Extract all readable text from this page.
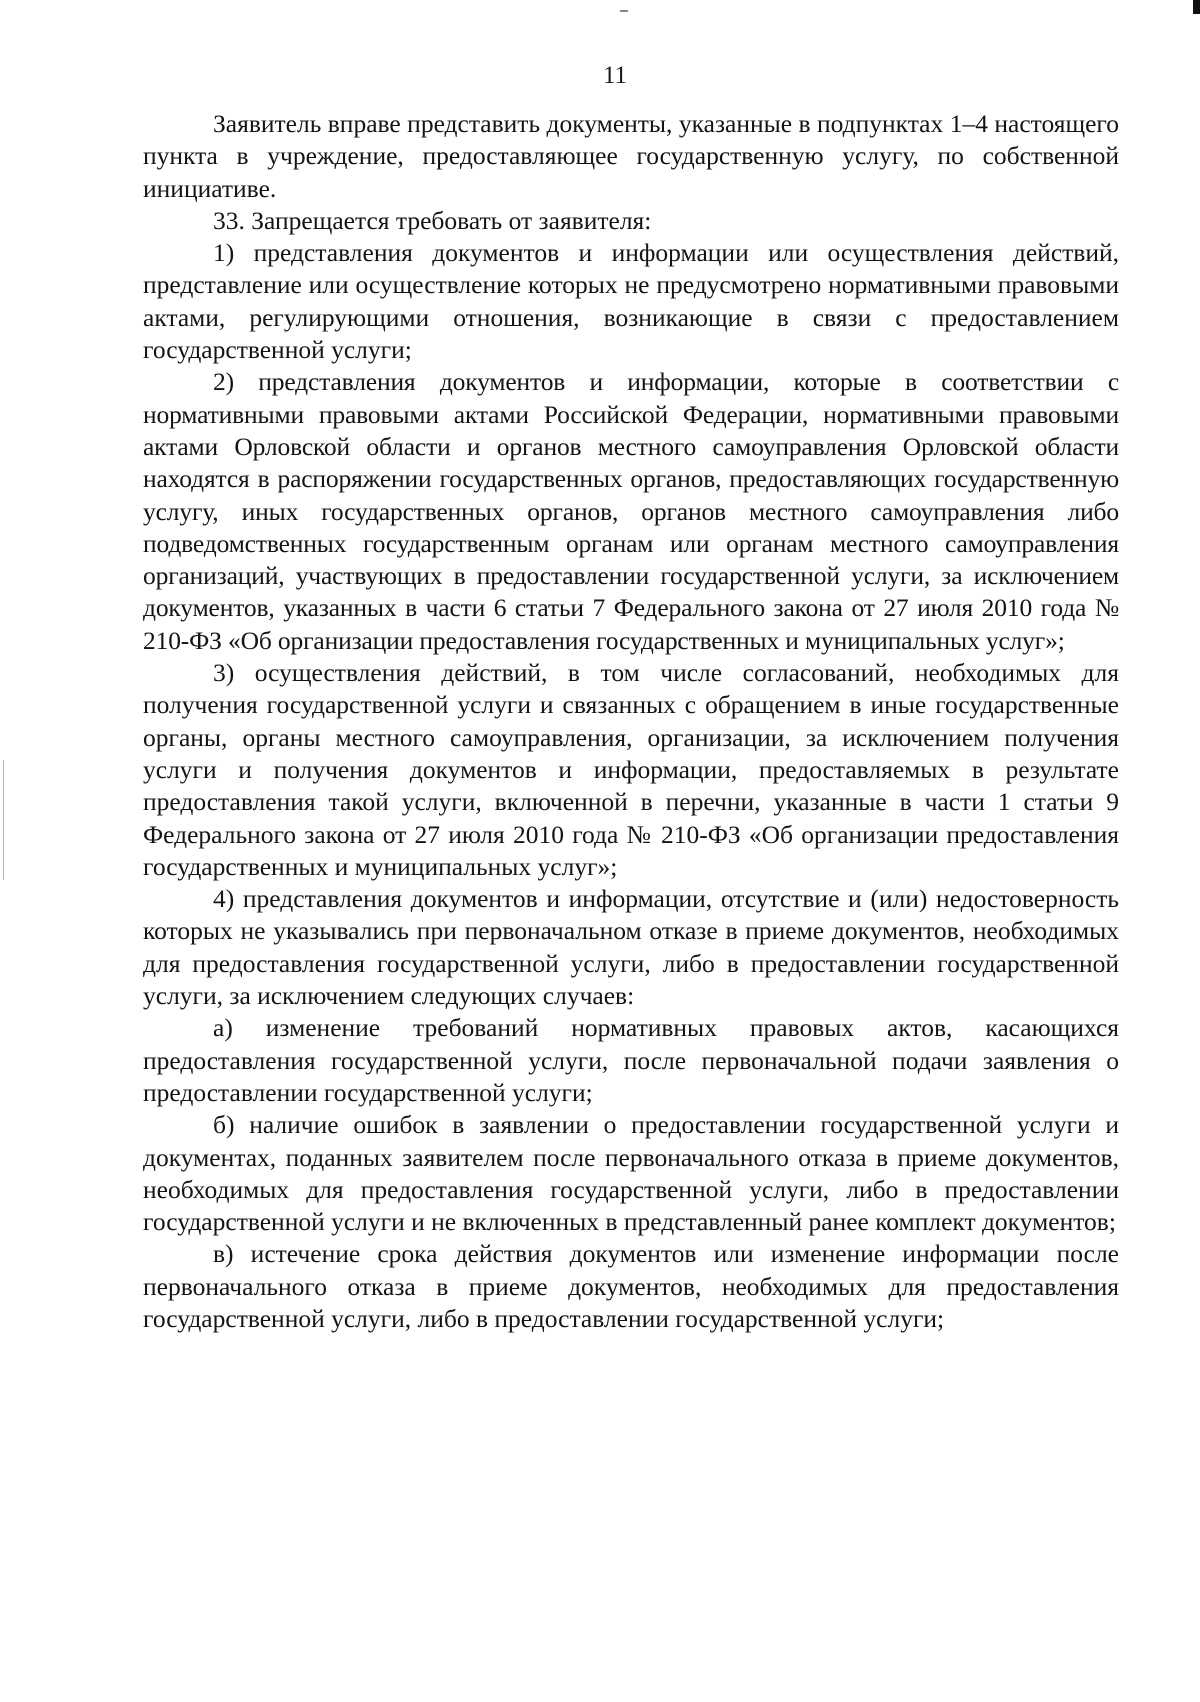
11

Заявитель вправе представить документы, указанные в подпунктах 1–4 настоящего пункта в учреждение, предоставляющее государственную услугу, по собственной инициативе.

33. Запрещается требовать от заявителя:

1) представления документов и информации или осуществления действий, представление или осуществление которых не предусмотрено нормативными правовыми актами, регулирующими отношения, возникающие в связи с предоставлением государственной услуги;

2) представления документов и информации, которые в соответствии с нормативными правовыми актами Российской Федерации, нормативными правовыми актами Орловской области и органов местного самоуправления Орловской области находятся в распоряжении государственных органов, предоставляющих государственную услугу, иных государственных органов, органов местного самоуправления либо подведомственных государственным органам или органам местного самоуправления организаций, участвующих в предоставлении государственной услуги, за исключением документов, указанных в части 6 статьи 7 Федерального закона от 27 июля 2010 года № 210-ФЗ «Об организации предоставления государственных и муниципальных услуг»;

3) осуществления действий, в том числе согласований, необходимых для получения государственной услуги и связанных с обращением в иные государственные органы, органы местного самоуправления, организации, за исключением получения услуги и получения документов и информации, предоставляемых в результате предоставления такой услуги, включенной в перечни, указанные в части 1 статьи 9 Федерального закона от 27 июля 2010 года № 210-ФЗ «Об организации предоставления государственных и муниципальных услуг»;

4) представления документов и информации, отсутствие и (или) недостоверность которых не указывались при первоначальном отказе в приеме документов, необходимых для предоставления государственной услуги, либо в предоставлении государственной услуги, за исключением следующих случаев:

а) изменение требований нормативных правовых актов, касающихся предоставления государственной услуги, после первоначальной подачи заявления о предоставлении государственной услуги;

б) наличие ошибок в заявлении о предоставлении государственной услуги и документах, поданных заявителем после первоначального отказа в приеме документов, необходимых для предоставления государственной услуги, либо в предоставлении государственной услуги и не включенных в представленный ранее комплект документов;

в) истечение срока действия документов или изменение информации после первоначального отказа в приеме документов, необходимых для предоставления государственной услуги, либо в предоставлении государственной услуги;
